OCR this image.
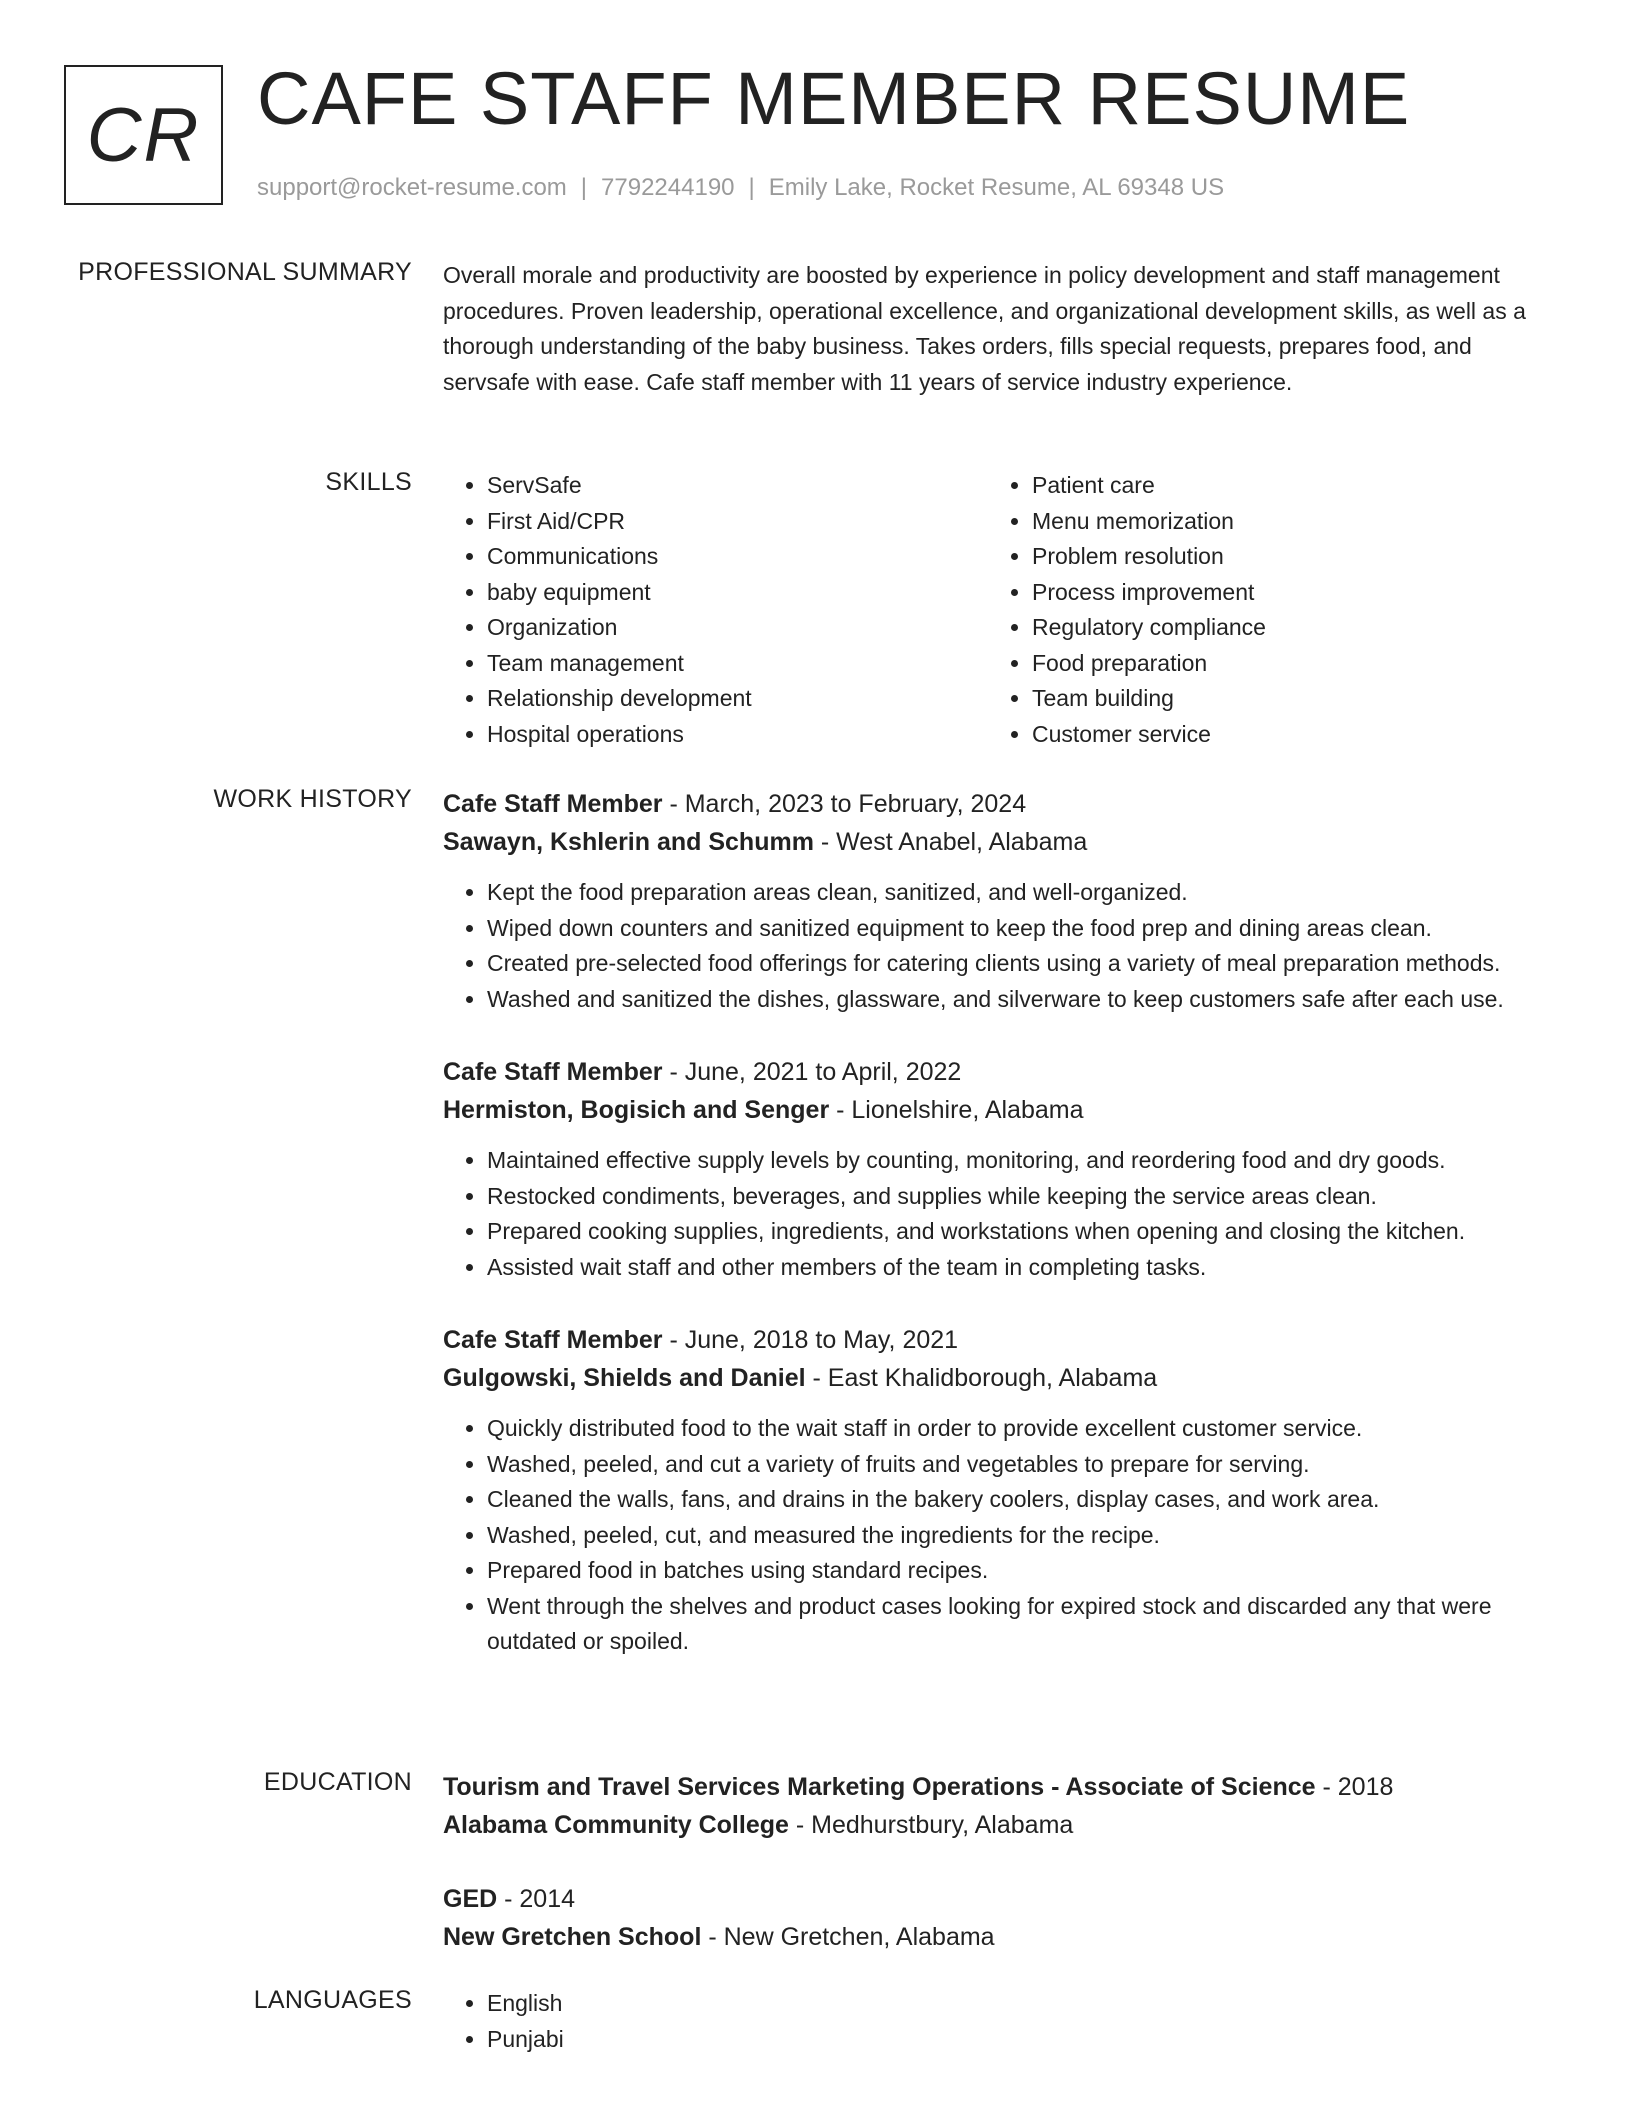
CR CAFE STAFF MEMBER RESUME
support@rocket-resume.com | 7792244190 | Emily Lake, Rocket Resume, AL 69348 US
PROFESSIONAL SUMMARY Overall morale and productivity are boosted by experience in policy development and staff management procedures. Proven leadership, operational excellence, and organizational development skills, as well as a thorough understanding of the baby business. Takes orders, fills special requests, prepares food, and servsafe with ease. Cafe staff member with 11 years of service industry experience.
SKILLS	• ServSafe
• First Aid/CPR
• Communications
• baby equipment
• Organization
• Team management
• Relationship development
• Hospital operations
• Patient care
• Menu memorization
• Problem resolution
• Process improvement
• Regulatory compliance
• Food preparation
• Team building
• Customer service
WORK HISTORY Cafe Staff Member - March, 2023 to February, 2024
Sawayn, Kshlerin and Schumm - West Anabel, Alabama
• Kept the food preparation areas clean, sanitized, and well-organized.
• Wiped down counters and sanitized equipment to keep the food prep and dining areas clean.
• Created pre-selected food offerings for catering clients using a variety of meal preparation methods.
• Washed and sanitized the dishes, glassware, and silverware to keep customers safe after each use.
Cafe Staff Member - June, 2021 to April, 2022
Hermiston, Bogisich and Senger - Lionelshire, Alabama
• Maintained effective supply levels by counting, monitoring, and reordering food and dry goods.
• Restocked condiments, beverages, and supplies while keeping the service areas clean.
• Prepared cooking supplies, ingredients, and workstations when opening and closing the kitchen.
• Assisted wait staff and other members of the team in completing tasks.
Cafe Staff Member - June, 2018 to May, 2021
Gulgowski, Shields and Daniel - East Khalidborough, Alabama
• Quickly distributed food to the wait staff in order to provide excellent customer service.
• Washed, peeled, and cut a variety of fruits and vegetables to prepare for serving.
• Cleaned the walls, fans, and drains in the bakery coolers, display cases, and work area.
• Washed, peeled, cut, and measured the ingredients for the recipe.
• Prepared food in batches using standard recipes.
• Went through the shelves and product cases looking for expired stock and discarded any that were outdated or spoiled.
EDUCATION Tourism and Travel Services Marketing Operations - Associate of Science - 2018
Alabama Community College - Medhurstbury, Alabama
GED - 2014
New Gretchen School - New Gretchen, Alabama
LANGUAGES	• English
• Punjabi
